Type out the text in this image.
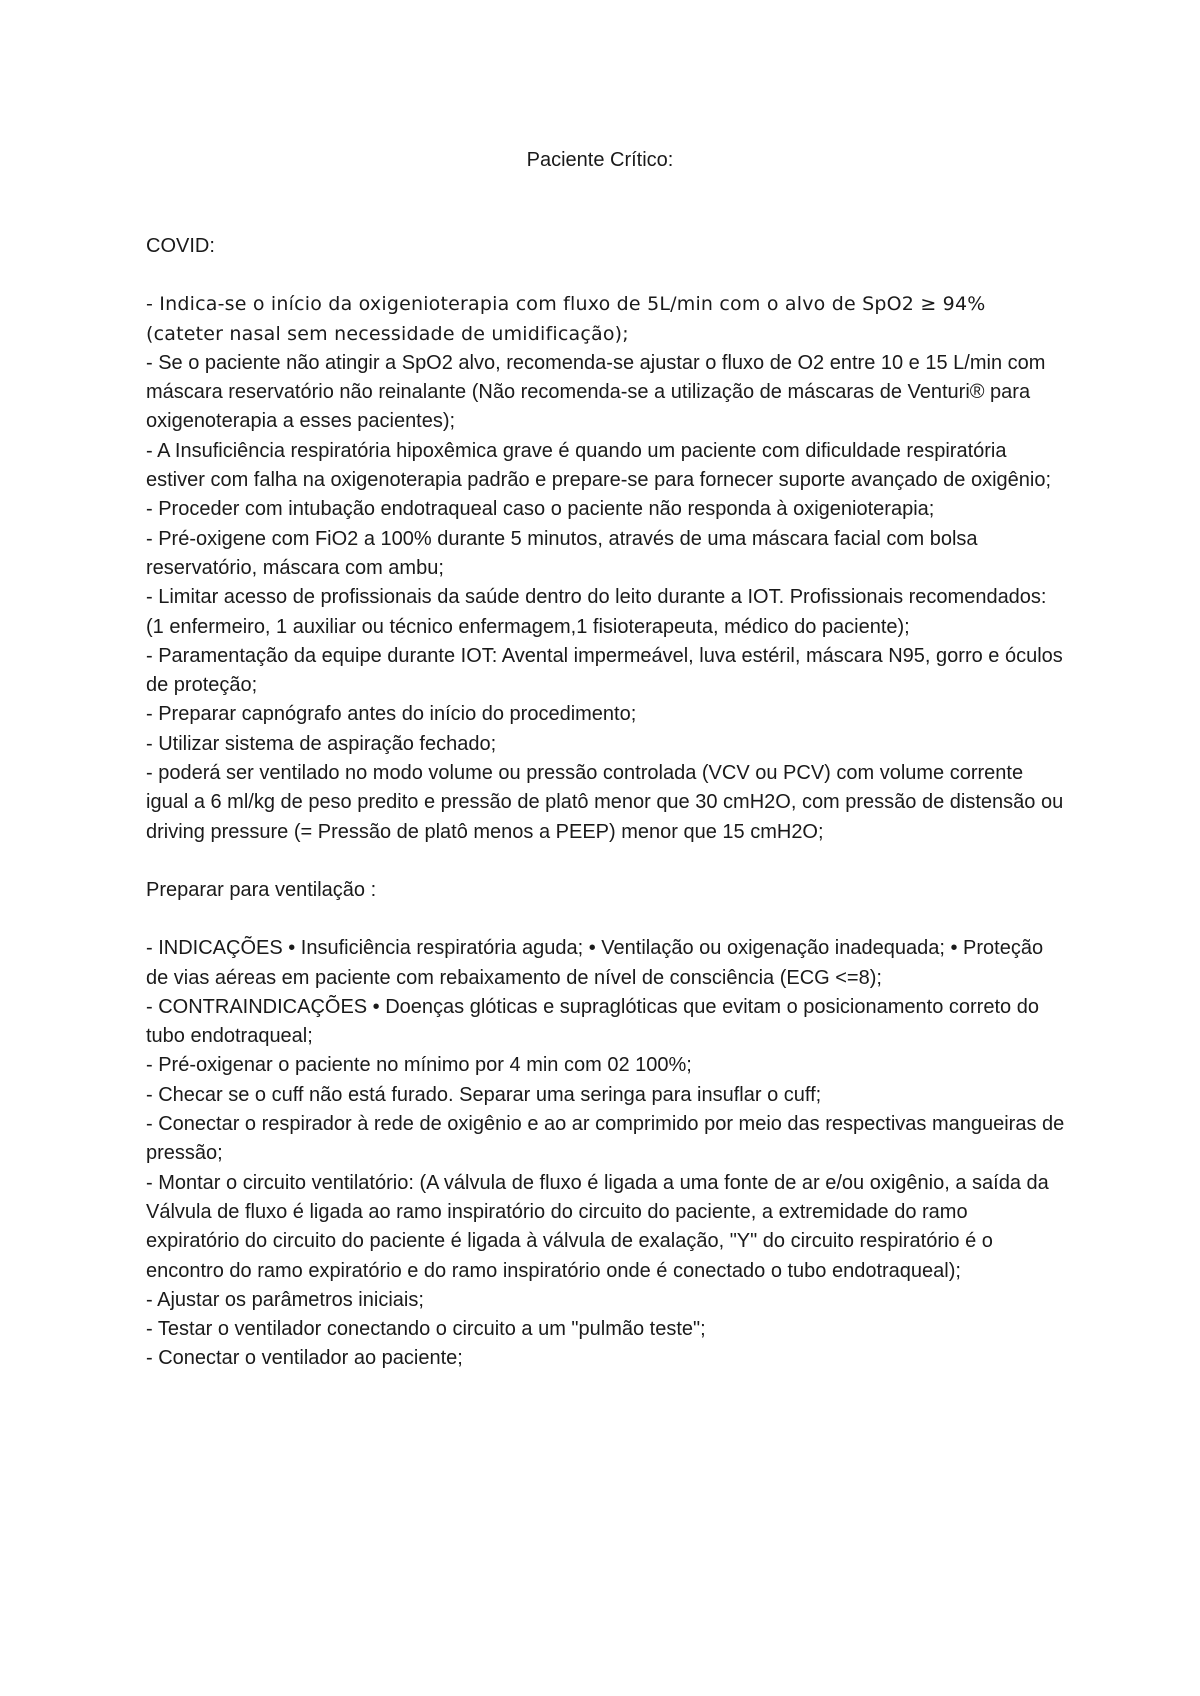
Paciente Crítico:

COVID:

- Indica-se o início da oxigenioterapia com fluxo de 5L/min com o alvo de SpO2 ≥ 94% (cateter nasal sem necessidade de umidificação);

- Se o paciente não atingir a SpO2 alvo, recomenda-se ajustar o fluxo de O2 entre 10 e 15 L/min com máscara reservatório não reinalante (Não recomenda-se a utilização de máscaras de Venturi® para oxigenoterapia a esses pacientes);

- A Insuficiência respiratória hipoxêmica grave é quando um paciente com dificuldade respiratória estiver com falha na oxigenoterapia padrão e prepare-se para fornecer suporte avançado de oxigênio;

- Proceder com intubação endotraqueal caso o paciente não responda à oxigenioterapia;

- Pré-oxigene com FiO2 a 100% durante 5 minutos, através de uma máscara facial com bolsa reservatório, máscara com ambu;

- Limitar acesso de profissionais da saúde dentro do leito durante a IOT. Profissionais recomendados: (1 enfermeiro, 1 auxiliar ou técnico enfermagem,1 fisioterapeuta, médico do paciente);

- Paramentação da equipe durante IOT: Avental impermeável, luva estéril, máscara N95, gorro e óculos de proteção;

- Preparar capnógrafo antes do início do procedimento;

- Utilizar sistema de aspiração fechado;

- poderá ser ventilado no modo volume ou pressão controlada (VCV ou PCV) com volume corrente igual a 6 ml/kg de peso predito e pressão de platô menor que 30 cmH2O, com pressão de distensão ou driving pressure (= Pressão de platô menos a PEEP) menor que 15 cmH2O;

Preparar para ventilação :

- INDICAÇÕES • Insuficiência respiratória aguda; • Ventilação ou oxigenação inadequada; • Proteção de vias aéreas em paciente com rebaixamento de nível de consciência (ECG <=8);

- CONTRAINDICAÇÕES • Doenças glóticas e supraglóticas que evitam o posicionamento correto do tubo endotraqueal;

- Pré-oxigenar o paciente no mínimo por 4 min com 02 100%;

- Checar se o cuff não está furado. Separar uma seringa para insuflar o cuff;

- Conectar o respirador à rede de oxigênio e ao ar comprimido por meio das respectivas mangueiras de pressão;

- Montar o circuito ventilatório: (A válvula de fluxo é ligada a uma fonte de ar e/ou oxigênio, a saída da Válvula de fluxo é ligada ao ramo inspiratório do circuito do paciente, a extremidade do ramo expiratório do circuito do paciente é ligada à válvula de exalação, "Y" do circuito respiratório é o encontro do ramo expiratório e do ramo inspiratório onde é conectado o tubo endotraqueal);

- Ajustar os parâmetros iniciais;

- Testar o ventilador conectando o circuito a um "pulmão teste";

- Conectar o ventilador ao paciente;
